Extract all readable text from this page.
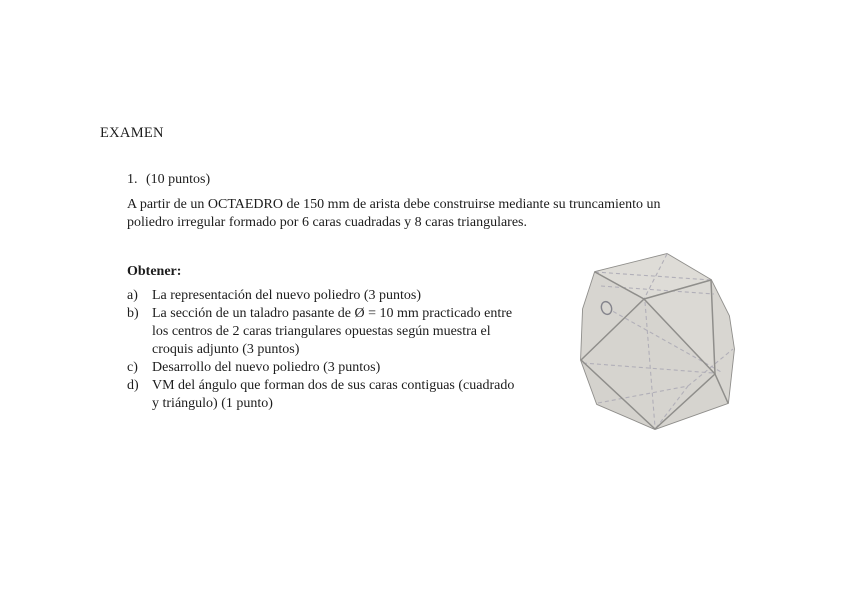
EXAMEN
1. (10 puntos)
A partir de un OCTAEDRO de 150 mm de arista debe construirse mediante su truncamiento un
poliedro irregular formado por 6 caras cuadradas y 8 caras triangulares.
Obtener:
a) La representación del nuevo poliedro (3 puntos)
b) La sección de un taladro pasante de Ø = 10 mm practicado entre
los centros de 2 caras triangulares opuestas según muestra el
croquis adjunto (3 puntos)
c) Desarrollo del nuevo poliedro (3 puntos)
d) VM del ángulo que forman dos de sus caras contiguas (cuadrado
y triángulo) (1 punto)
